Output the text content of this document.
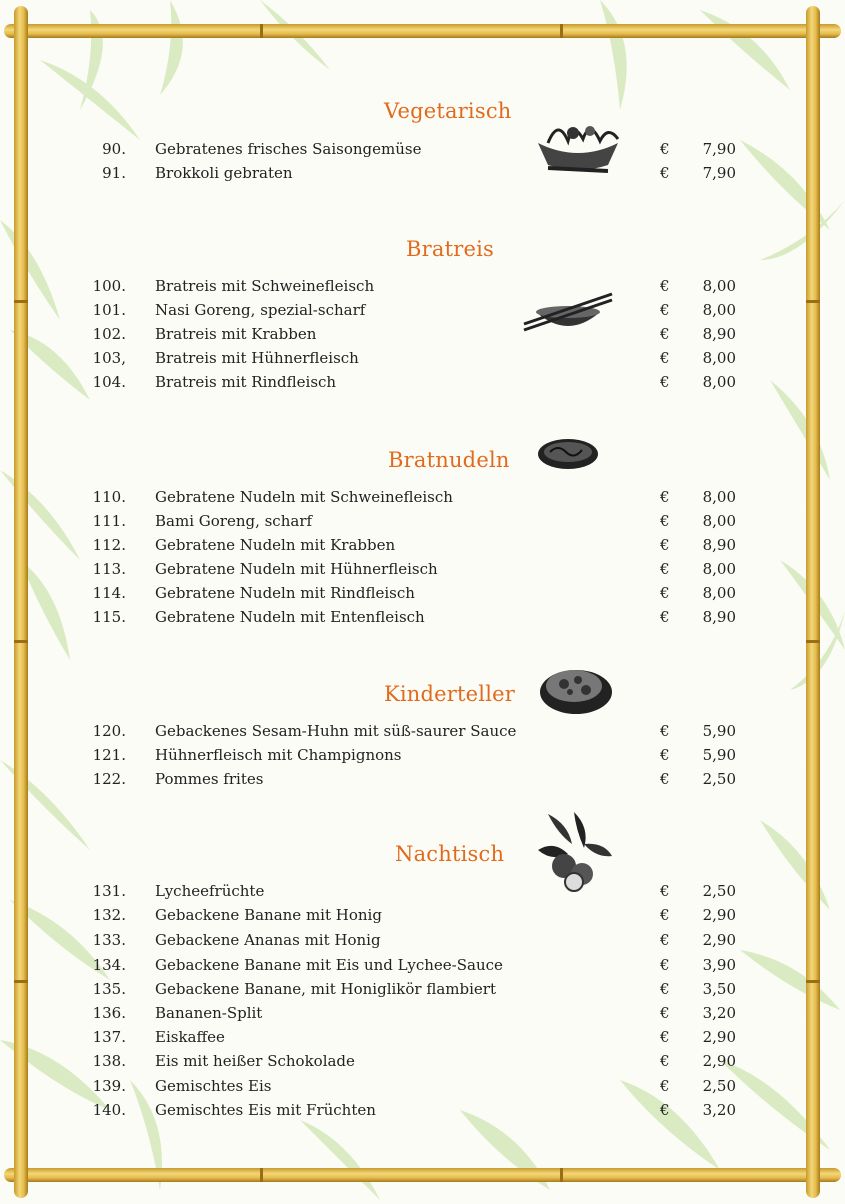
Vegetarisch
90. Gebratenes frisches Saisongemüse	€ 7,90
91. Brokkoli gebraten	€ 7,90
Bratreis
100. Bratreis mit Schweinefleisch	€ 8,00
101. Nasi Goreng, spezial-scharf	€ 8,00
102. Bratreis mit Krabben	€ 8,90
103, Bratreis mit Hühnerfleisch	€ 8,00
104. Bratreis mit Rindfleisch	€ 8,00
Bratnudeln
110. Gebratene Nudeln mit Schweinefleisch	€ 8,00
111. Bami Goreng, scharf	€ 8,00
112. Gebratene Nudeln mit Krabben	€ 8,90
113. Gebratene Nudeln mit Hühnerfleisch	€ 8,00
114. Gebratene Nudeln mit Rindfleisch	€ 8,00
115. Gebratene Nudeln mit Entenfleisch	€ 8,90
Kinderteller
120. Gebackenes Sesam-Huhn mit süß-saurer Sauce	€ 5,90
121. Hühnerfleisch mit Champignons	€ 5,90
122. Pommes frites	€ 2,50
Nachtisch
131. Lycheefrüchte	€ 2,50
132. Gebackene Banane mit Honig	€ 2,90
133. Gebackene Ananas mit Honig	€ 2,90
134. Gebackene Banane mit Eis und Lychee-Sauce	€ 3,90
135. Gebackene Banane, mit Honiglikör flambiert	€ 3,50
136. Bananen-Split	€ 3,20
137. Eiskaffee	€ 2,90
138. Eis mit heißer Schokolade	€ 2,90
139. Gemischtes Eis	€ 2,50
140. Gemischtes Eis mit Früchten	€ 3,20
